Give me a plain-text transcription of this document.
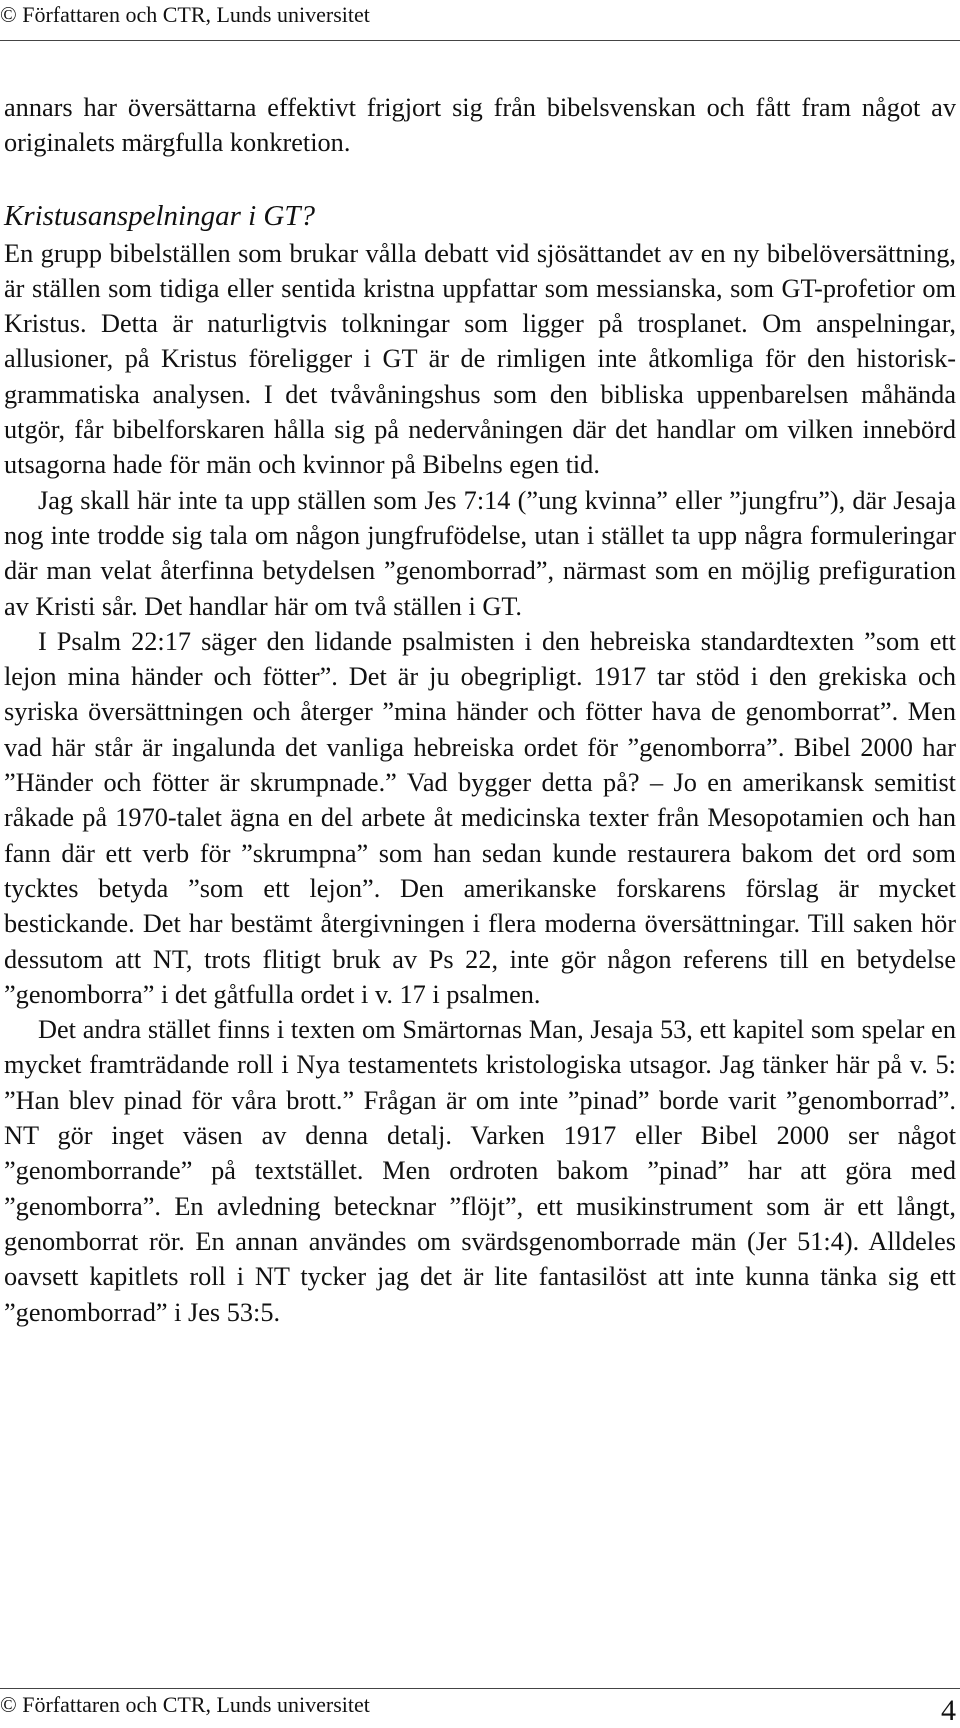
© Författaren och CTR, Lunds universitet

annars har översättarna effektivt frigjort sig från bibelsvenskan och fått fram något av originalets märgfulla konkretion.

Kristusanspelningar i GT?

En grupp bibelställen som brukar vålla debatt vid sjösättandet av en ny bibelöversättning, är ställen som tidiga eller sentida kristna uppfattar som messianska, som GT-profetior om Kristus. Detta är naturligtvis tolkningar som ligger på trosplanet. Om anspelningar, allusioner, på Kristus föreligger i GT är de rimligen inte åtkomliga för den historisk-grammatiska analysen. I det tvåvåningshus som den bibliska uppenbarelsen måhända utgör, får bibelforskaren hålla sig på nedervåningen där det handlar om vilken innebörd utsagorna hade för män och kvinnor på Bibelns egen tid.

Jag skall här inte ta upp ställen som Jes 7:14 (”ung kvinna” eller ”jungfru”), där Jesaja nog inte trodde sig tala om någon jungfrufödelse, utan i stället ta upp några formuleringar där man velat återfinna betydelsen ”genomborrad”, närmast som en möjlig prefiguration av Kristi sår. Det handlar här om två ställen i GT.

I Psalm 22:17 säger den lidande psalmisten i den hebreiska standardtexten ”som ett lejon mina händer och fötter”. Det är ju obegripligt. 1917 tar stöd i den grekiska och syriska översättningen och återger ”mina händer och fötter hava de genomborrat”. Men vad här står är ingalunda det vanliga hebreiska ordet för ”genomborra”. Bibel 2000 har ”Händer och fötter är skrumpnade.” Vad bygger detta på? – Jo en amerikansk semitist råkade på 1970-talet ägna en del arbete åt medicinska texter från Mesopotamien och han fann där ett verb för ”skrumpna” som han sedan kunde restaurera bakom det ord som tycktes betyda ”som ett lejon”. Den amerikanske forskarens förslag är mycket bestickande. Det har bestämt återgivningen i flera moderna översättningar. Till saken hör dessutom att NT, trots flitigt bruk av Ps 22, inte gör någon referens till en betydelse ”genomborra” i det gåtfulla ordet i v. 17 i psalmen.

Det andra stället finns i texten om Smärtornas Man, Jesaja 53, ett kapitel som spelar en mycket framträdande roll i Nya testamentets kristologiska utsagor. Jag tänker här på v. 5: ”Han blev pinad för våra brott.” Frågan är om inte ”pinad” borde varit ”genomborrad”. NT gör inget väsen av denna detalj. Varken 1917 eller Bibel 2000 ser något ”genomborrande” på textstället. Men ordroten bakom ”pinad” har att göra med ”genomborra”. En avledning betecknar ”flöjt”, ett musikinstrument som är ett långt, genomborrat rör. En annan användes om svärdsgenomborrade män (Jer 51:4). Alldeles oavsett kapitlets roll i NT tycker jag det är lite fantasilöst att inte kunna tänka sig ett ”genomborrad” i Jes 53:5.

© Författaren och CTR, Lunds universitet	4
